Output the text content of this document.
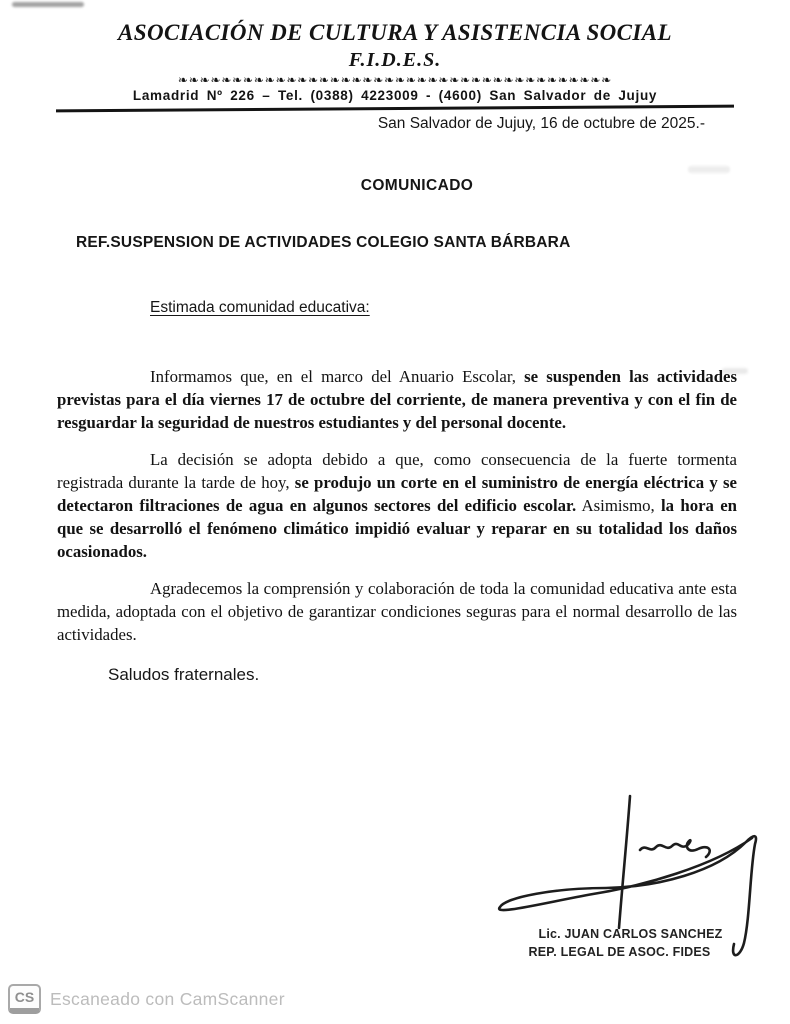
ASOCIACIÓN DE CULTURA Y ASISTENCIA SOCIAL
F.I.D.E.S.
❧❧❧❧❧❧❧❧❧❧❧❧❧❧❧❧❧❧❧❧❧❧❧❧❧❧❧❧❧❧❧❧❧❧❧❧❧❧❧❧
Lamadrid Nº 226 – Tel. (0388) 4223009 - (4600) San Salvador de Jujuy
San Salvador de Jujuy, 16 de octubre de 2025.-
COMUNICADO
REF.SUSPENSION DE ACTIVIDADES COLEGIO SANTA BÁRBARA
Estimada comunidad educativa:

Informamos que, en el marco del Anuario Escolar, se suspenden las actividades previstas para el día viernes 17 de octubre del corriente, de manera preventiva y con el fin de resguardar la seguridad de nuestros estudiantes y del personal docente.

La decisión se adopta debido a que, como consecuencia de la fuerte tormenta registrada durante la tarde de hoy, se produjo un corte en el suministro de energía eléctrica y se detectaron filtraciones de agua en algunos sectores del edificio escolar. Asimismo, la hora en que se desarrolló el fenómeno climático impidió evaluar y reparar en su totalidad los daños ocasionados.

Agradecemos la comprensión y colaboración de toda la comunidad educativa ante esta medida, adoptada con el objetivo de garantizar condiciones seguras para el normal desarrollo de las actividades.

Saludos fraternales.
Lic. JUAN CARLOS SANCHEZ
REP. LEGAL DE ASOC. FIDES
CS Escaneado con CamScanner
